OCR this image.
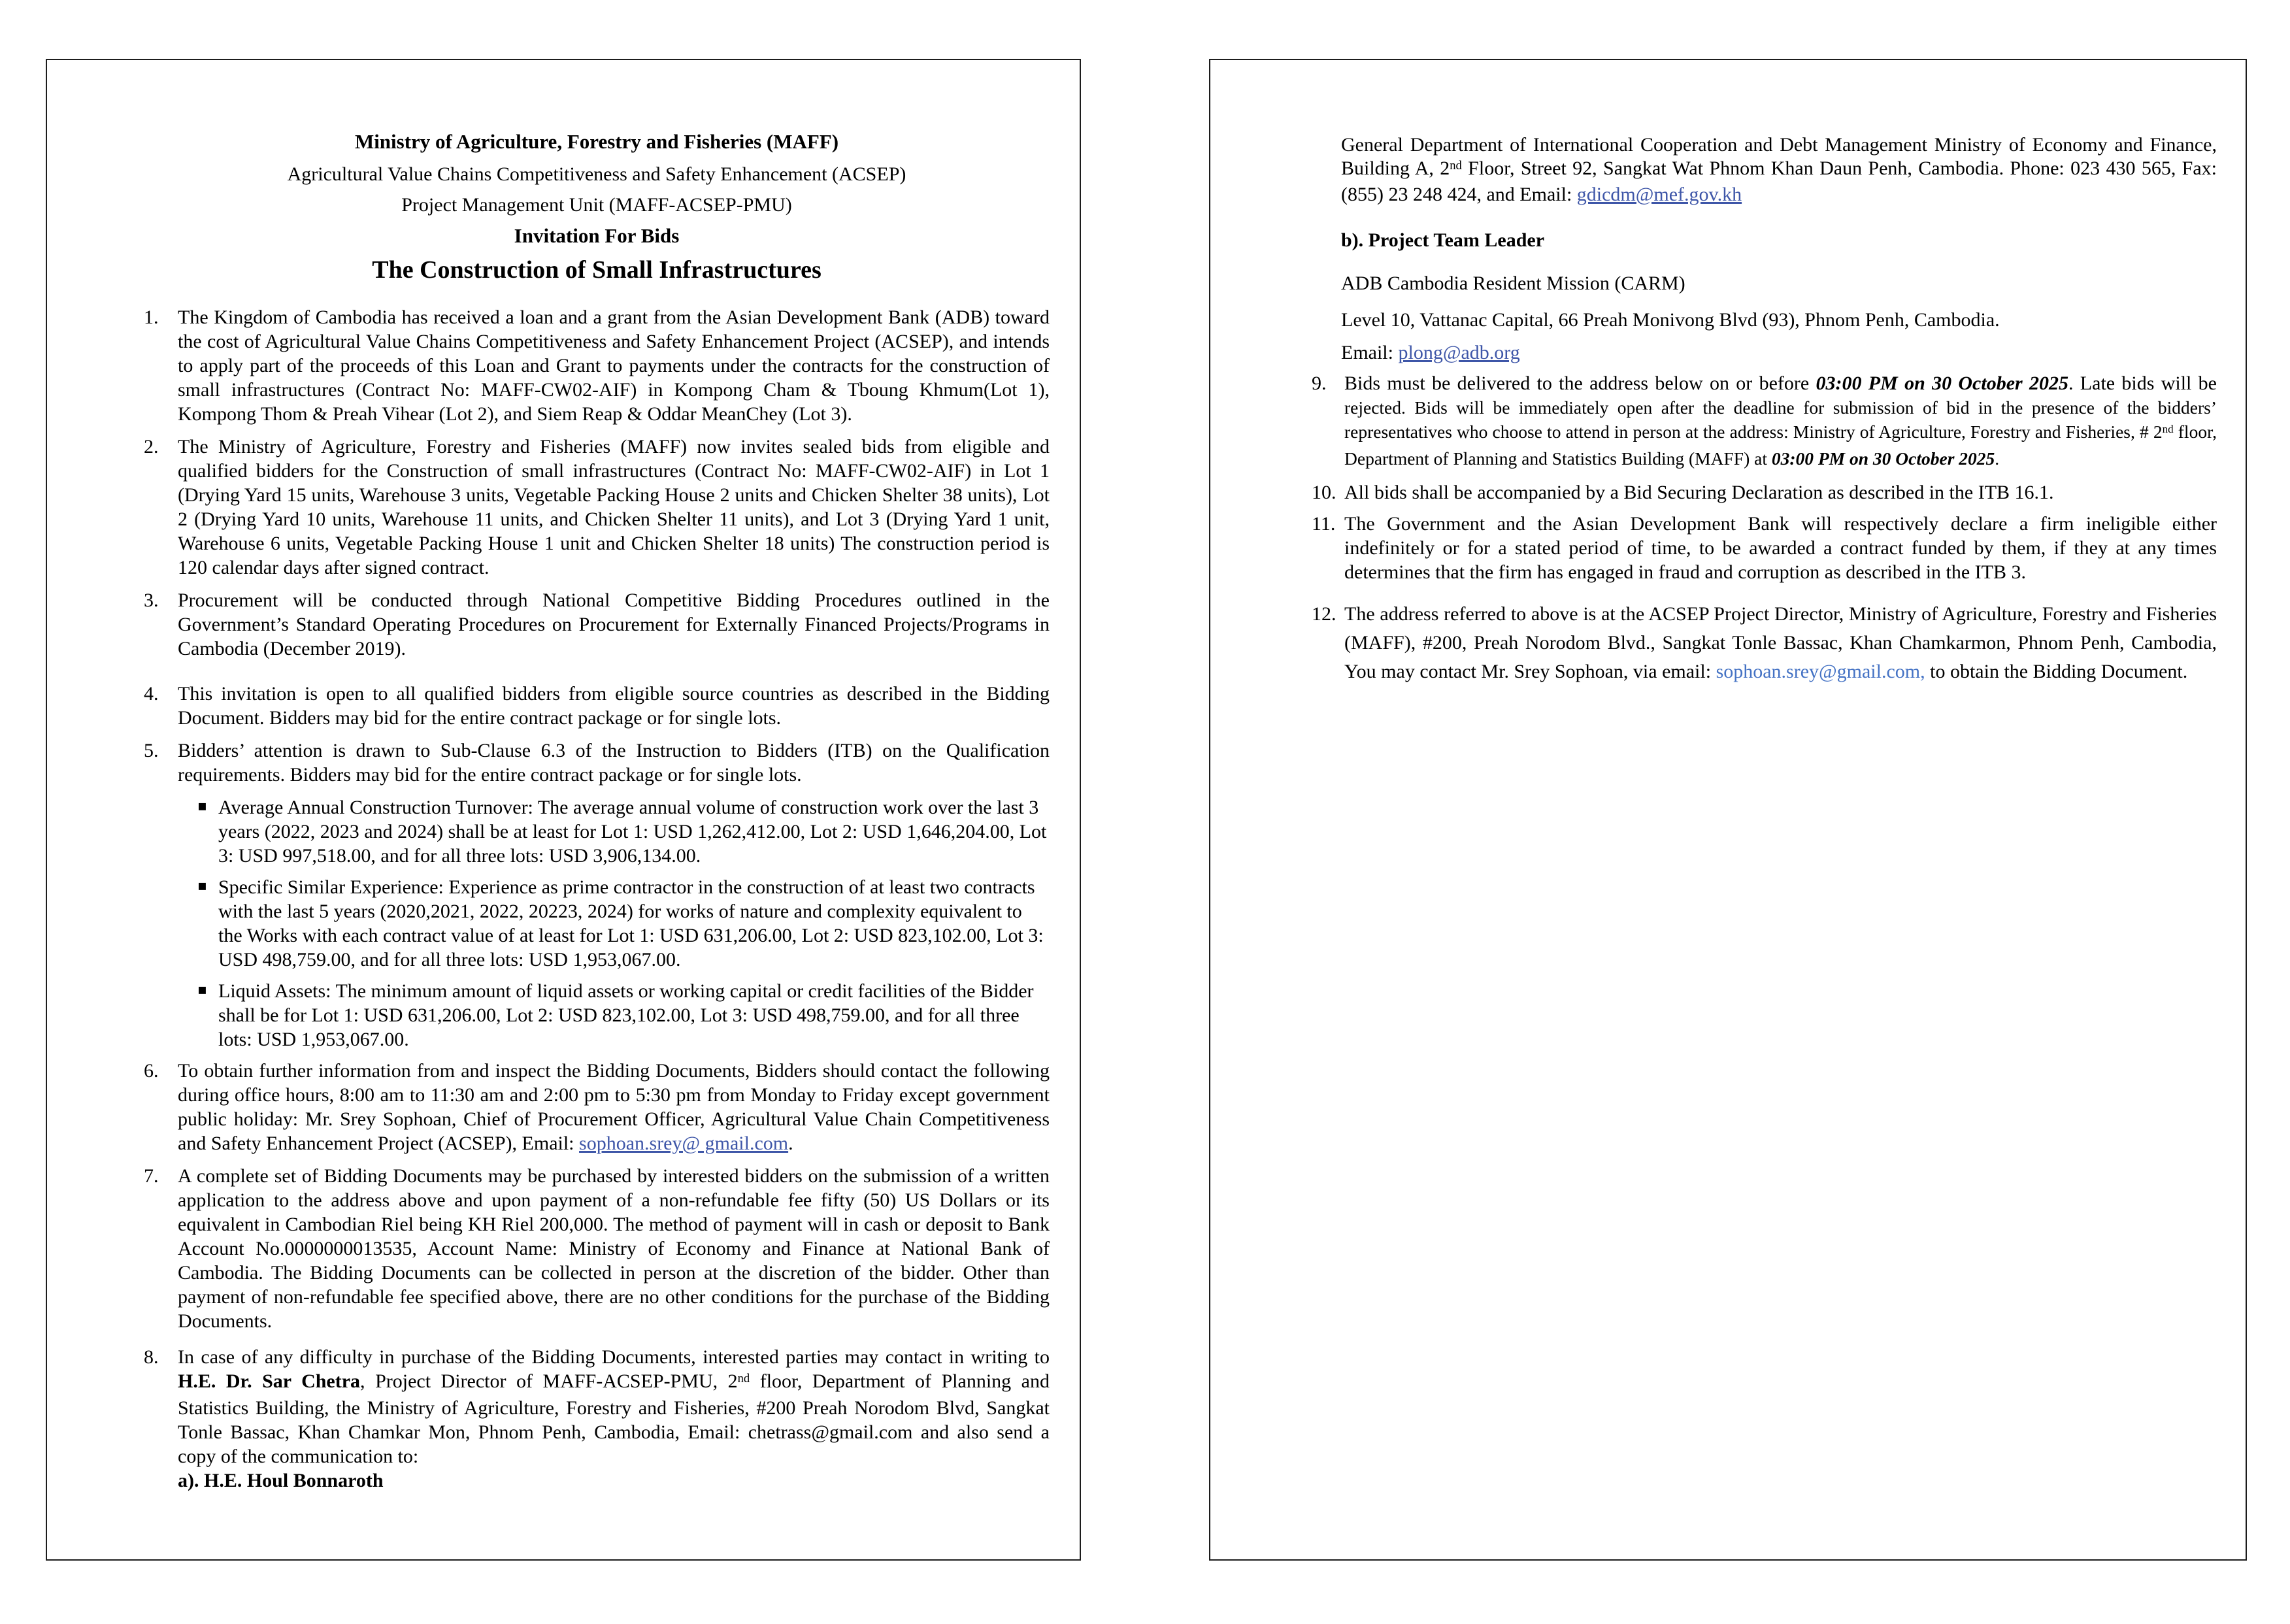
Ministry of Agriculture, Forestry and Fisheries (MAFF)
Agricultural Value Chains Competitiveness and Safety Enhancement (ACSEP)
Project Management Unit (MAFF-ACSEP-PMU)
Invitation For Bids
The Construction of Small Infrastructures

1. The Kingdom of Cambodia has received a loan and a grant from the Asian Development Bank (ADB) toward the cost of Agricultural Value Chains Competitiveness and Safety Enhancement Project (ACSEP), and intends to apply part of the proceeds of this Loan and Grant to payments under the contracts for the construction of small infrastructures (Contract No: MAFF-CW02-AIF) in Kompong Cham & Tboung Khmum(Lot 1), Kompong Thom & Preah Vihear (Lot 2), and Siem Reap & Oddar MeanChey (Lot 3).

2. The Ministry of Agriculture, Forestry and Fisheries (MAFF) now invites sealed bids from eligible and qualified bidders for the Construction of small infrastructures (Contract No: MAFF-CW02-AIF) in Lot 1 (Drying Yard 15 units, Warehouse 3 units, Vegetable Packing House 2 units and Chicken Shelter 38 units), Lot 2 (Drying Yard 10 units, Warehouse 11 units, and Chicken Shelter 11 units), and Lot 3 (Drying Yard 1 unit, Warehouse 6 units, Vegetable Packing House 1 unit and Chicken Shelter 18 units) The construction period is 120 calendar days after signed contract.

3. Procurement will be conducted through National Competitive Bidding Procedures outlined in the Government’s Standard Operating Procedures on Procurement for Externally Financed Projects/Programs in Cambodia (December 2019).

4. This invitation is open to all qualified bidders from eligible source countries as described in the Bidding Document. Bidders may bid for the entire contract package or for single lots.

5. Bidders’ attention is drawn to Sub-Clause 6.3 of the Instruction to Bidders (ITB) on the Qualification requirements. Bidders may bid for the entire contract package or for single lots.

▪ Average Annual Construction Turnover: The average annual volume of construction work over the last 3 years (2022, 2023 and 2024) shall be at least for Lot 1: USD 1,262,412.00, Lot 2: USD 1,646,204.00, Lot 3: USD 997,518.00, and for all three lots: USD 3,906,134.00.

▪ Specific Similar Experience: Experience as prime contractor in the construction of at least two contracts with the last 5 years (2020,2021, 2022, 20223, 2024) for works of nature and complexity equivalent to the Works with each contract value of at least for Lot 1: USD 631,206.00, Lot 2: USD 823,102.00, Lot 3: USD 498,759.00, and for all three lots: USD 1,953,067.00.

▪ Liquid Assets: The minimum amount of liquid assets or working capital or credit facilities of the Bidder shall be for Lot 1: USD 631,206.00, Lot 2: USD 823,102.00, Lot 3: USD 498,759.00, and for all three lots: USD 1,953,067.00.

6. To obtain further information from and inspect the Bidding Documents, Bidders should contact the following during office hours, 8:00 am to 11:30 am and 2:00 pm to 5:30 pm from Monday to Friday except government public holiday: Mr. Srey Sophoan, Chief of Procurement Officer, Agricultural Value Chain Competitiveness and Safety Enhancement Project (ACSEP), Email: sophoan.srey@ gmail.com.

7. A complete set of Bidding Documents may be purchased by interested bidders on the submission of a written application to the address above and upon payment of a non-refundable fee fifty (50) US Dollars or its equivalent in Cambodian Riel being KH Riel 200,000. The method of payment will in cash or deposit to Bank Account No.0000000013535, Account Name: Ministry of Economy and Finance at National Bank of Cambodia. The Bidding Documents can be collected in person at the discretion of the bidder. Other than payment of non-refundable fee specified above, there are no other conditions for the purchase of the Bidding Documents.

8. In case of any difficulty in purchase of the Bidding Documents, interested parties may contact in writing to H.E. Dr. Sar Chetra, Project Director of MAFF-ACSEP-PMU, 2nd floor, Department of Planning and Statistics Building, the Ministry of Agriculture, Forestry and Fisheries, #200 Preah Norodom Blvd, Sangkat Tonle Bassac, Khan Chamkar Mon, Phnom Penh, Cambodia, Email: chetrass@gmail.com and also send a copy of the communication to:
a). H.E. Houl Bonnaroth

General Department of International Cooperation and Debt Management Ministry of Economy and Finance, Building A, 2nd Floor, Street 92, Sangkat Wat Phnom Khan Daun Penh, Cambodia. Phone: 023 430 565, Fax: (855) 23 248 424, and Email: gdicdm@mef.gov.kh

b). Project Team Leader

ADB Cambodia Resident Mission (CARM)

Level 10, Vattanac Capital, 66 Preah Monivong Blvd (93), Phnom Penh, Cambodia.

Email: plong@adb.org

9. Bids must be delivered to the address below on or before 03:00 PM on 30 October 2025. Late bids will be rejected. Bids will be immediately open after the deadline for submission of bid in the presence of the bidders’ representatives who choose to attend in person at the address: Ministry of Agriculture, Forestry and Fisheries, # 2nd floor, Department of Planning and Statistics Building (MAFF) at 03:00 PM on 30 October 2025.

10. All bids shall be accompanied by a Bid Securing Declaration as described in the ITB 16.1.

11. The Government and the Asian Development Bank will respectively declare a firm ineligible either indefinitely or for a stated period of time, to be awarded a contract funded by them, if they at any times determines that the firm has engaged in fraud and corruption as described in the ITB 3.

12. The address referred to above is at the ACSEP Project Director, Ministry of Agriculture, Forestry and Fisheries (MAFF), #200, Preah Norodom Blvd., Sangkat Tonle Bassac, Khan Chamkarmon, Phnom Penh, Cambodia, You may contact Mr. Srey Sophoan, via email: sophoan.srey@gmail.com, to obtain the Bidding Document.
